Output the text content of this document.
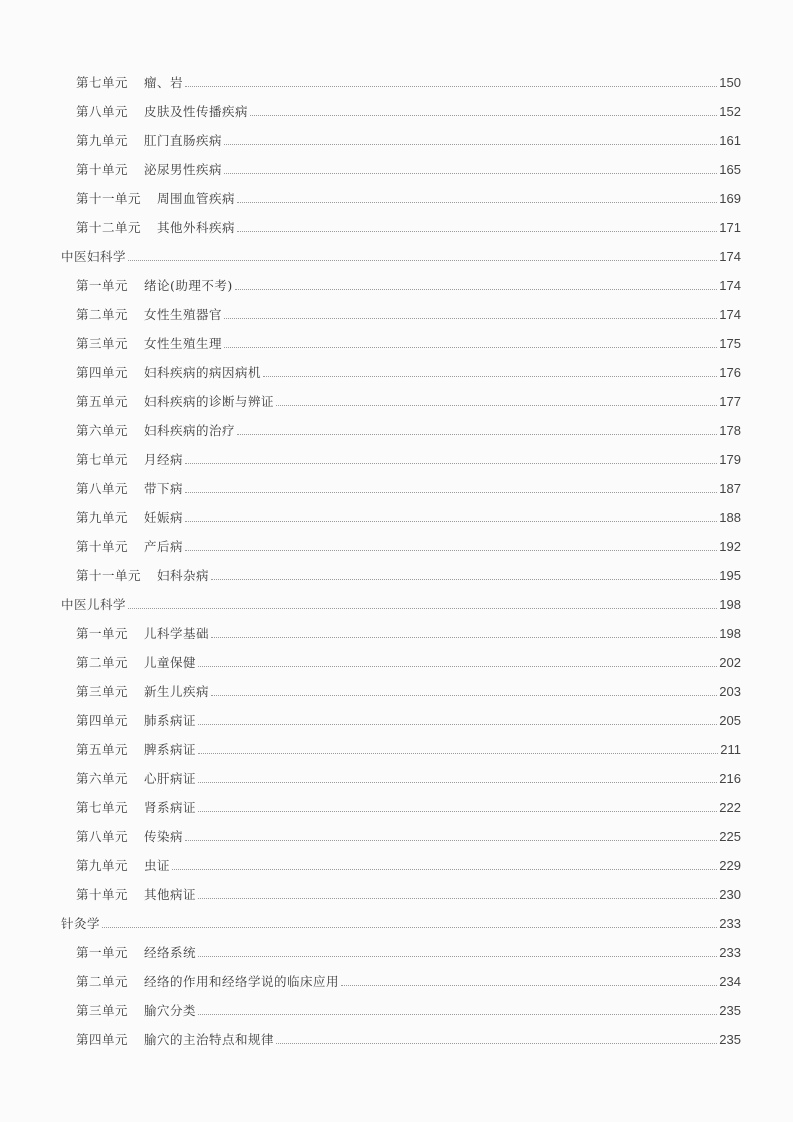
第七单元 瘤、岩	150
第八单元 皮肤及性传播疾病	152
第九单元 肛门直肠疾病	161
第十单元 泌尿男性疾病	165
第十一单元 周围血管疾病	169
第十二单元 其他外科疾病	171
中医妇科学	174
第一单元 绪论(助理不考)	174
第二单元 女性生殖器官	174
第三单元 女性生殖生理	175
第四单元 妇科疾病的病因病机	176
第五单元 妇科疾病的诊断与辨证	177
第六单元 妇科疾病的治疗	178
第七单元 月经病	179
第八单元 带下病	187
第九单元 妊娠病	188
第十单元 产后病	192
第十一单元 妇科杂病	195
中医儿科学	198
第一单元 儿科学基础	198
第二单元 儿童保健	202
第三单元 新生儿疾病	203
第四单元 肺系病证	205
第五单元 脾系病证	211
第六单元 心肝病证	216
第七单元 肾系病证	222
第八单元 传染病	225
第九单元 虫证	229
第十单元 其他病证	230
针灸学	233
第一单元 经络系统	233
第二单元 经络的作用和经络学说的临床应用	234
第三单元 腧穴分类	235
第四单元 腧穴的主治特点和规律	235
